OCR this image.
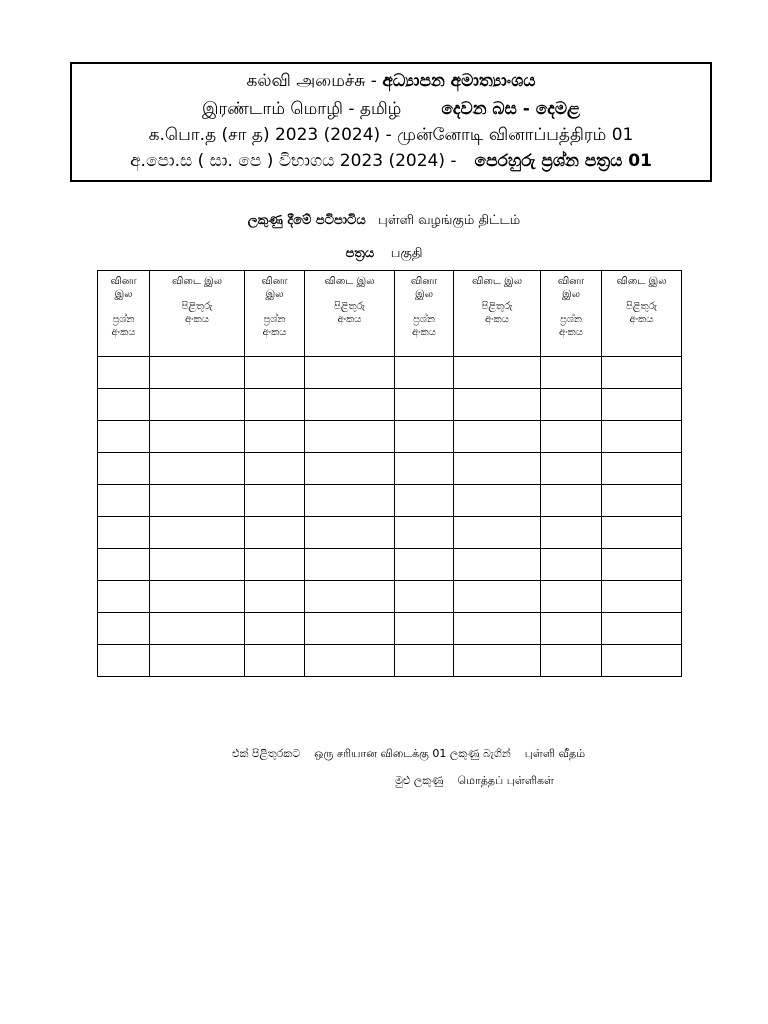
கல்வி அமைச்சு - අධ්‍යාපන අමාත්‍යාංශය
இரண்டாம் மொழி - தமிழ் දෙවන බස - දෙමළ
க.பொ.த (சா த) 2023 (2024) - முன்னோடி வினாப்பத்திரம் 01
අ.පො.ස ( සා. පෙ ) විභාගය 2023 (2024) - පෙරහුරු ප්‍රශ්න පත්‍රය 01
ලකුණු දීමේ පටිපාටිය புள்ளி வழங்கும் திட்டம்
පත්‍රය பகுதி
வினா
இல
ප්‍රශ්න
අංකය	விடை இல
පිළිතුරු
අංකය	வினா
இல
ප්‍රශ්න
අංකය	விடை இல
පිළිතුරු
අංකය	வினா
இல
ප්‍රශ්න
අංකය	விடை இல
පිළිතුරු
අංකය	வினா
இல
ප්‍රශ්න
අංකය	விடை இல
පිළිතුරු
අංකය

එක් පිළිතුරකට ஒரு சரியான விடைக்கு 01 ලකුණු බැගින් புள்ளி வீதம்
මුළු ලකුණු மொத்தப் புள்ளிகள்
